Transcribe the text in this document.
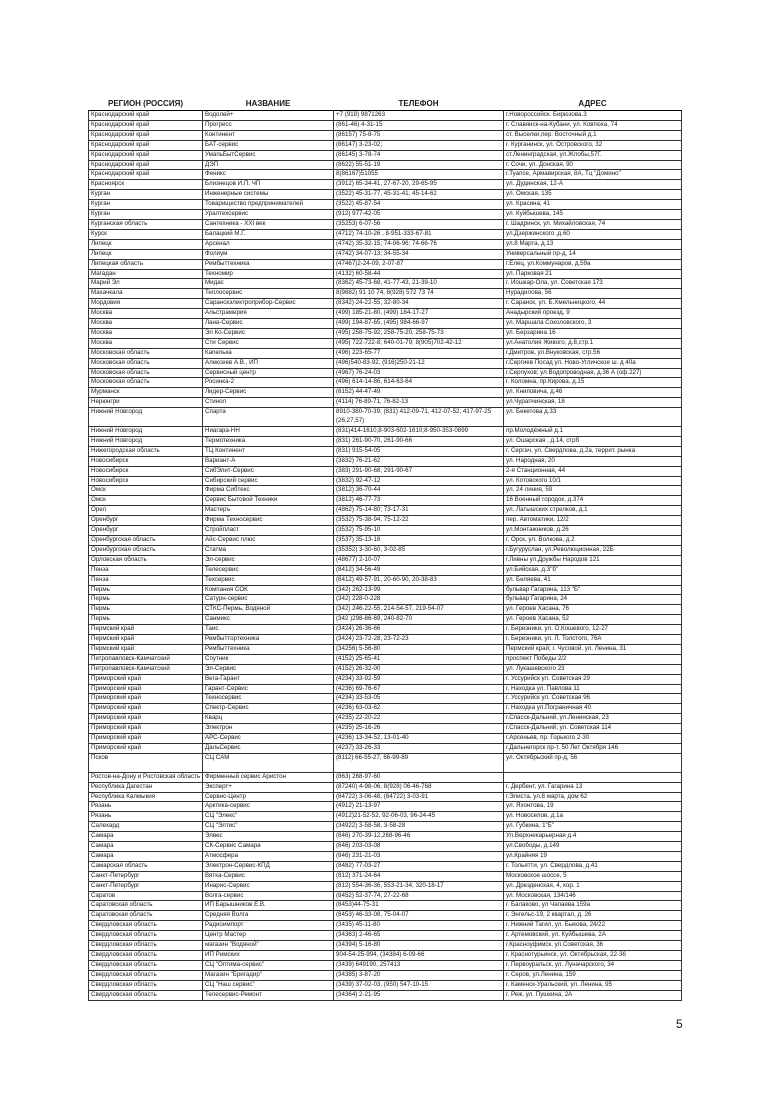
РЕГИОН (РОССИЯ)	НАЗВАНИЕ	ТЕЛЕФОН	АДРЕС
Краснодарский край	Водолей+	+7 (918) 9871263	г.Новороссийск. Бирюзова.3
Краснодарский край	Прогресс	(861-46) 4-31-15	г. Славянск-на-Кубани, ул. Ковтюха, 74
Краснодарский край	Континент	(86157) 75-8-75	ст. Выселки,пер. Восточный д.1
Краснодарский край	БАТ-сервис	(86147) 3-23-02;	г. Курганинск, ул. Островского, 32
Краснодарский край	УмапьБытСервис	(86145) 3-78-74	ст.Ленинградская, ул.Жлобы,57Г.
Краснодарский край	ДЭП	(8622) 55-51-19	г. Сочи, ул. Донская, 90
Краснодарский край	Феникс	8(86167)51055	г.Туапсе, Армавирская, 8А, Тц "Домино"
Красноярск	Близнецов И.П. ЧП	(3912) 65-34-41, 27-67-20, 29-65-95	ул. Дудинская, 12-А
Курган	Инженерные системы	(3522) 45-31-77, 45-31-41, 45-14-62	ул. Омская, 135
Курган	Товарищество предпринимателей	(3522) 45-87-54	ул. Красина, 41
Курган	Уралтехсервис	(912) 977-42-05	ул. Куйбышева, 145
Курганская область	Сантехника - XXI век	(35253) 6-07-56	г. Шадринск, ул. Михайловская, 74
Курск	Балацкий М.Г.	(4712) 74-10-26 , 8-951-333-67-81	ул.Дзержинского ,д.60
Липецк	Арсенал	(4742) 35-32-15; 74-06-96; 74-66-76	ул.8 Марта, д.13
Липецк	Фолиум	(4742) 34-07-13; 34-55-34	Универсальный пр-д, 14
Липецкая область	Рембыттехника	(47467)2-24-09, 2-07-87	г.Елец, ул.Коммунаров, д.59а
Магадан	Техномир	(4132) 60-58-44	ул. Парковая 21
Марий Эл	Мидас	(8362) 45-73-68, 41-77-43, 21-39-10	г. Йошкар-Ола, ул. Советская 173
Махачкала	Теплосервис	8(9882) 91 10 74, 8(928) 572 73 74	Нурадилова, 56
Мордовия	Саранскэлектроприбор-Сервис	(8342) 24-22-55, 32-80-34	г. Саранск, ул. Б.Хмельницкого, 44
Москва	Альстрамерия	(499) 185-21-80, (499) 184-17-27	Анадырский проезд, 9
Москва	Лана-Сервис	(499) 194-87-65, (495) 984-66-97	ул. Маршала Соколовского, 3
Москва	Эл Ко-Сервис	(495) 258-75-92, 258-75-20, 258-75-73	ул. Берзарина 16
Москва	Сти Сервис	(495) 722-722-8; 640-01-79; 8(905)702-42-12	ул.Анатолия Живого, д.8,стр.1
Московская область	Капелька	(496) 223-65-77	г.Дмитров, ул.Внуковская, стр.56
Московская область	Алексеев А.В., ИП	(496)540-83-92, (916)250-21-12	г.Сергиев Посад ул. Ново-Угличское ш. д 40а
Московская область	Сервисный центр	(4967) 76-24-03	г.Серпухов; ул.Водопроводная, д.36 А (оф.227)
Московская область	Росинка-2	(496) 614-14-86, 614-63-64	г. Коломна, пр.Кирова, д.15
Мурманск	Лидер-Сервис	(8152) 44-47-49	ул. Книповича, д.46
Нерюнгри	Стинол	(4114) 76-89-71, 76-82-13	ул.Чурапчинская, 18
Нижний Новгород	Спарта	8910-380-70-39; (831) 412-09-71, 412-07-52, 417-97-25 (26,27,57)	ул. Бекетова д.33
Нижний Новгород	Ниагара-НН	(831)414-1610,8-903-602-1610;8-950-353-0899	пр.Молодёжный д.1
Нижний Новгород	Термотехника	(831) 261-90-70, 261-90-66	ул. Ошарская , д.14, стрб
Нижегородская область	ТЦ Континент	(831) 915-54-05	г. Сергач, ул. Свердлова, д.2а, террит. рынка
Новосибирск	Вариант-А	(3832) 76-21-62	ул. Народная, 20
Новосибирск	СибЭлит-Сервис	(383) 291-90-68, 291-90-67	2-я Станционная, 44
Новосибирск	Сибирский сервис	(3832) 92-47-12	ул. Котовского 10/1
Омск	Фирма Сибтекс	(3812) 36-70-44	ул. 24 линия, 59
Омск	Сервис Бытовой Техники	(3812) 46-77-73	16 Военный городок, д.374
Орел	Мастеръ	(4862) 75-14-80; 73-17-31	ул. Латышских стрелков, д.1
Оренбург	Фирма Техносервис	(3532) 75-38-94, 75-12-22	пер. Автоматики, 12/2
Оренбург	Стройпласт	(3532) 75-95-10	ул.Монтажников, д.26
Оренбургская область	Айс-Сервис плюс	(3537) 35-13-18	г. Орск, ул. Волкова, д.2
Оренбургская область	Статма	(35352) 3-30-60, 3-02-85	г.Бугуруслан, ул.Революционная, 22Б
Орловская область	Эл-сервис	(48677) 2-10-07	г.Ливны ул.Дружбы Народов 121
Пенза	Телесервис	(8412) 34-56-49	ул.Бийская, д.3"б"
Пенза	Техсервис	(8412) 49-57-91, 20-60-90, 20-38-83	ул. Беляева, 41
Пермь	Компания СОК	(342) 262-13-99	бульвар Гагарина, 113 "Б"
Пермь	Сатурн-сервис	(342) 228-0-228	бульвар Гагарина, 24
Пермь	СТКС-Пермь, Водяной	(342) 246-22-55, 214-54-57, 219-54-07	ул. Героев Хасана, 76
Пермь	Санмикс	(342 )298-86-69, 240-82-70	ул. Героев Хасана, 52
Пермский край	Таис	(3424) 26-36-66	г. Березники, ул. О.Кошевого, 12-27
Пермский край	Рембыттортехника	(3424) 23-72-28, 23-72-23	г. Березники, ул. Л. Толстого, 76А
Пермский край	Рембыттехника	(34256) 5-56-80	Пермский край; г. Чусовой, ул. Ленина, 31
Петропавловск-Камчатский	Спутник	(4152) 25-65-41	проспект Победы 2/2
Петропавловск-Камчатский	Эл-Сервис	(4152) 26-32-00	ул. Лукашевского 23
Приморский край	Вега-Гарант	(4234) 33-92-59	г. Уссурийск ул. Советская 29
Приморский край	Гарант-Сервис	(4236) 69-76-67	г. Находка ул. Павлова 11
Приморский край	Техносервис	(4234) 33-53-05	г. Уссурийск ул. Советская 96
Приморский край	Спектр-Сервис	(4236) 63-03-62	г. Находка ул.Пограничная 40
Приморский край	Кварц	(4235) 22-20-22	г.Спасск-Дальний, ул.Ленинская, 23
Приморский край	Электрон	(4235) 25-16-26	г.Спасск-Дальний; ул. Советская 114
Приморский край	АРС-Сервис	(4236) 13-34-52, 13-01-40	г.Арсеньев, пр. Горького 2-30
Приморский край	ДальСервис	(4237) 33-26-33	г.Дальнегорск пр-т. 50 Лет Октября 146
Псков	СЦ САМ	(8112) 66-55-27, 66-99-89	ул. Октябрьский пр-д, 56
Ростов-на-Дону и Ростовская область	Фирменный сервис Аристон	(863) 268-97-60	
Республика Дагестан	Эксперт+	(87240) 4-98-06, 8(928) 06-46-768	г. Дербент, ул. Гагарина 13
Республика Калмыкия	Сервис-Центр	(84722) 3-06-48, (84722) 3-03-91	г.Элиста, ул.8 марта, дом 62
Рязань	Арктика-сервис	(4912) 21-13-97	ул. Яхонтова, 19
Рязань	СЦ "Элекс"	(4912)21-52-52, 92-06-03, 96-24-45	ул. Новоселов, д.1а
Салехард	СЦ "Элтис"	(34922) 3-58-58, 3-58-28	ул. Губкина, 1"Б"
Самара	Элвес	(846) 270-39-12,268-96-46	Ул.Верхнекарьерная д.4
Самара	СК-Сервис Самара	(846) 203-03-08	ул.Свободы, д.149
Самара	Атмосфера	(846) 231-21-03	ул.Крайняя 19
Самарская область	Электрон-Сервис-КПД	(8482) 77-03-27	г. Тольятти, ул. Свердлова, д.41
Санкт-Петербург	Вятка-Сервис	(812) 371-24-64	Московское шоссе, 5
Санкт-Петербург	Инарис-Сервис	(812) 554-36-36, 553-21-34, 320-18-17	ул. Дрезденская, 4, кор. 1
Саратов	Волга-сервис	(8452) 52-37-74, 27-22-68	ул. Московская, 134/146
Саратовская область	ИП Барышников Е.В.	(8453)44-75-31	г. Балаково, ул Чапаева 159а
Саратовская область	Средняя Волга	(8453) 46-33-08, 75-04-07	г. Энгельс-19, 2 квартал, д. 26
Свердловская область	Радиоимпорт	(3435) 45-11-80	г. Нижний Тагил, ул. Быкова, 24/22
Свердловская область	Центр Мастер	(34363) 2-46-65	г. Артемовский, ул. Куйбышева, 2А
Свердловская область	магазин "Водяной"	(34394) 5-16-80	г.Красноуфимск, ул.Советская, 36
Свердловская область	ИП Римских	904-54-25-994, (34384) 6-09-66	г. Краснотурьинск, ул. Октябрьская, 22-36
Свердловская область	СЦ "Оптима-сервис"	(3439) 649190, 257413	г. Первоуральск, ул. Луначарского, 34
Свердловская область	Магазин "Бригадир"	(34385) 3-87-20	г. Серов, ул.Ленина, 159
Свердловская область	СЦ "Наш сервис"	(3439) 37-02-03, (950) 547-10-15	г. Каменск-Уральский, ул. Ленина, 95
Свердловская область	Телесервис-Ремонт	(34364) 2-21-95	г. Реж, ул. Пушкина, 2А
5
